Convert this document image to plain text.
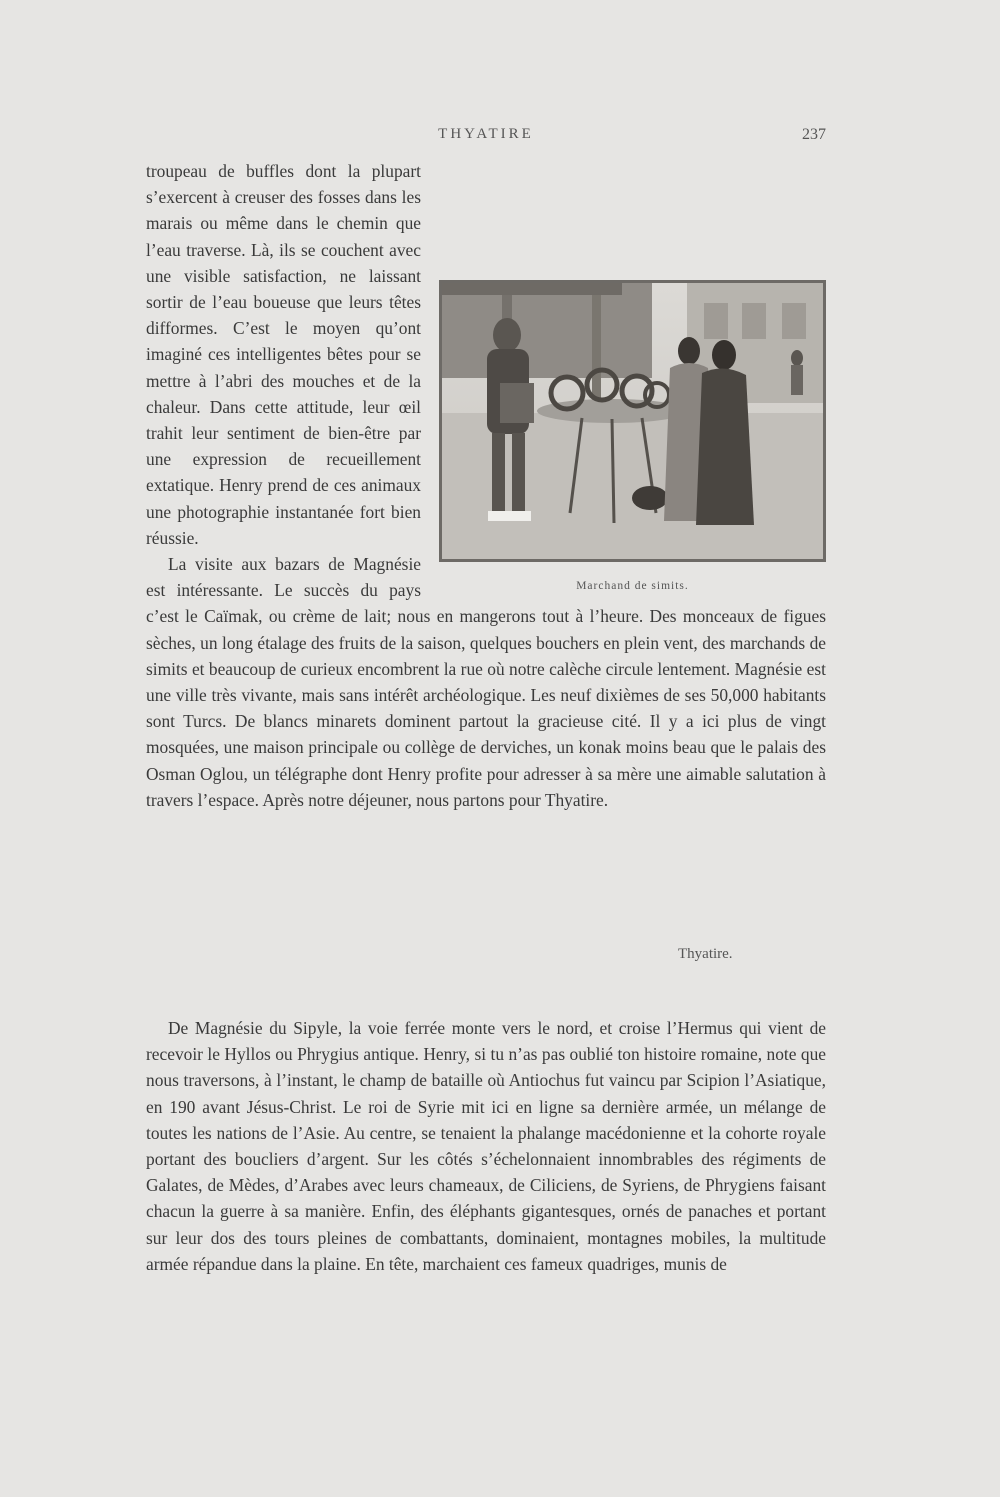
THYATIRE	237

Marchand de simits.
troupeau de buffles dont la plupart s’exercent à creuser des fosses dans les marais ou même dans le chemin que l’eau traverse. Là, ils se couchent avec une visible satisfaction, ne laissant sortir de l’eau boueuse que leurs têtes difformes. C’est le moyen qu’ont imaginé ces intelligentes bêtes pour se mettre à l’abri des mouches et de la chaleur. Dans cette attitude, leur œil trahit leur sentiment de bien-être par une expression de recueillement extatique. Henry prend de ces animaux une photographie instantanée fort bien réussie.

La visite aux bazars de Magnésie est intéressante. Le succès du pays c’est le Caïmak, ou crème de lait; nous en mangerons tout à l’heure. Des monceaux de figues sèches, un long étalage des fruits de la saison, quelques bouchers en plein vent, des marchands de simits et beaucoup de curieux encombrent la rue où notre calèche circule lentement. Magnésie est une ville très vivante, mais sans intérêt archéologique. Les neuf dixièmes de ses 50,000 habitants sont Turcs. De blancs minarets dominent partout la gracieuse cité. Il y a ici plus de vingt mosquées, une maison principale ou collège de derviches, un konak moins beau que le palais des Osman Oglou, un télégraphe dont Henry profite pour adresser à sa mère une aimable salutation à travers l’espace. Après notre déjeuner, nous partons pour Thyatire.

Thyatire.

De Magnésie du Sipyle, la voie ferrée monte vers le nord, et croise l’Hermus qui vient de recevoir le Hyllos ou Phrygius antique. Henry, si tu n’as pas oublié ton histoire romaine, note que nous traversons, à l’instant, le champ de bataille où Antiochus fut vaincu par Scipion l’Asiatique, en 190 avant Jésus-Christ. Le roi de Syrie mit ici en ligne sa dernière armée, un mélange de toutes les nations de l’Asie. Au centre, se tenaient la phalange macédonienne et la cohorte royale portant des boucliers d’argent. Sur les côtés s’échelonnaient innombrables des régiments de Galates, de Mèdes, d’Arabes avec leurs chameaux, de Ciliciens, de Syriens, de Phrygiens faisant chacun la guerre à sa manière. Enfin, des éléphants gigantesques, ornés de panaches et portant sur leur dos des tours pleines de combattants, dominaient, montagnes mobiles, la multitude armée répandue dans la plaine. En tête, marchaient ces fameux quadriges, munis de
